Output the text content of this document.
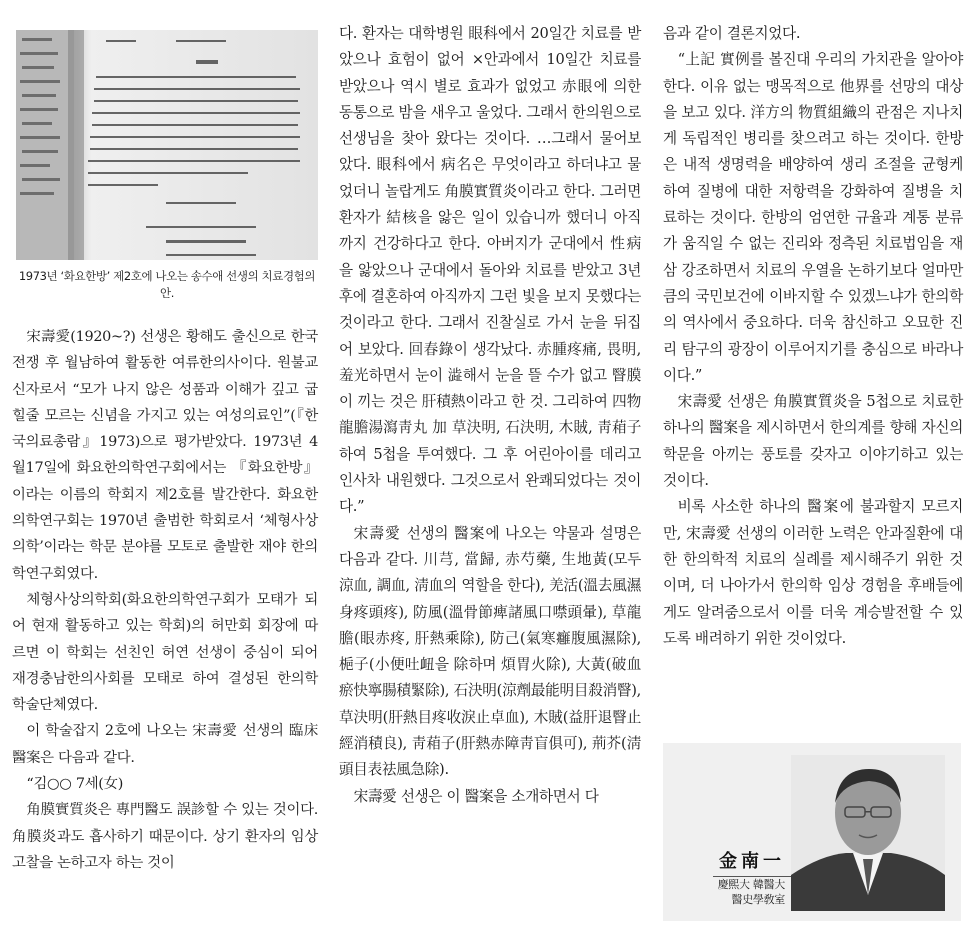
1973년 ‘화요한방’ 제2호에 나오는 송수애 선생의 치료경험의안.

宋壽愛(1920~?) 선생은 황해도 출신으로 한국전쟁 후 월남하여 활동한 여류한의사이다. 원불교 신자로서 “모가 나지 않은 성품과 이해가 깊고 굽힐줄 모르는 신념을 가지고 있는 여성의료인”(『한국의료총람』1973)으로 평가받았다. 1973년 4월17일에 화요한의학연구회에서는 『화요한방』이라는 이름의 학회지 제2호를 발간한다. 화요한의학연구회는 1970년 출범한 학회로서 ‘체형사상의학’이라는 학문 분야를 모토로 출발한 재야 한의학연구회였다.

체형사상의학회(화요한의학연구회가 모태가 되어 현재 활동하고 있는 학회)의 허만회 회장에 따르면 이 학회는 선친인 허연 선생이 중심이 되어 재경충남한의사회를 모태로 하여 결성된 한의학 학술단체였다.

이 학술잡지 2호에 나오는 宋壽愛 선생의 臨床醫案은 다음과 같다.

“김○○ 7세(女)

角膜實質炎은 專門醫도 誤診할 수 있는 것이다. 角膜炎과도 흡사하기 때문이다. 상기 환자의 임상고찰을 논하고자 하는 것이

다. 환자는 대학병원 眼科에서 20일간 치료를 받았으나 효험이 없어 ×안과에서 10일간 치료를 받았으나 역시 별로 효과가 없었고 赤眼에 의한 동통으로 밤을 새우고 울었다. 그래서 한의원으로 선생님을 찾아 왔다는 것이다. …그래서 물어보았다. 眼科에서 病名은 무엇이라고 하더냐고 물었더니 놀랍게도 角膜實質炎이라고 한다. 그러면 환자가 結核을 앓은 일이 있습니까 했더니 아직까지 건강하다고 한다. 아버지가 군대에서 性病을 앓았으나 군대에서 돌아와 치료를 받았고 3년 후에 결혼하여 아직까지 그런 빛을 보지 못했다는 것이라고 한다. 그래서 진찰실로 가서 눈을 뒤집어 보았다. 回春錄이 생각났다. 赤腫疼痛, 畏明, 羞光하면서 눈이 澁해서 눈을 뜰 수가 없고 瞖膜이 끼는 것은 肝積熱이라고 한 것. 그리하여 四物龍膽湯瀉靑丸 加 草決明, 石決明, 木賊, 靑葙子하여 5첩을 투여했다. 그 후 어린아이를 데리고 인사차 내원했다. 그것으로서 완쾌되었다는 것이다.”

宋壽愛 선생의 醫案에 나오는 약물과 설명은 다음과 같다. 川芎, 當歸, 赤芍藥, 生地黃(모두 涼血, 調血, 淸血의 역할을 한다), 羌活(溫去風濕身疼頭疼), 防風(溫骨節痺諸風口噤頭暈), 草龍膽(眼赤疼, 肝熱乘除), 防己(氣寒癰腹風濕除), 梔子(小便吐衄을 除하며 煩胃火除), 大黃(破血瘀快寧腸積緊除), 石決明(涼劑最能明目殺消瞖), 草決明(肝熱目疼收淚止卓血), 木賊(益肝退瞖止經消積良), 靑葙子(肝熱赤障靑盲俱可), 荊芥(淸頭目表祛風急除).

宋壽愛 선생은 이 醫案을 소개하면서 다

음과 같이 결론지었다.

“上記 實例를 볼진대 우리의 가치관을 알아야 한다. 이유 없는 맹목적으로 他界를 선망의 대상을 보고 있다. 洋方의 物質組織의 관점은 지나치게 독립적인 병리를 찾으려고 하는 것이다. 한방은 내적 생명력을 배양하여 생리 조절을 균형케 하여 질병에 대한 저항력을 강화하여 질병을 치료하는 것이다. 한방의 엄연한 규율과 계통 분류가 움직일 수 없는 진리와 정측된 치료법임을 재삼 강조하면서 치료의 우열을 논하기보다 얼마만큼의 국민보건에 이바지할 수 있겠느냐가 한의학의 역사에서 중요하다. 더욱 참신하고 오묘한 진리 탐구의 광장이 이루어지기를 충심으로 바라나이다.”

宋壽愛 선생은 角膜實質炎을 5첩으로 치료한 하나의 醫案을 제시하면서 한의계를 향해 자신의 학문을 아끼는 풍토를 갖자고 이야기하고 있는 것이다.

비록 사소한 하나의 醫案에 불과할지 모르지만, 宋壽愛 선생의 이러한 노력은 안과질환에 대한 한의학적 치료의 실례를 제시해주기 위한 것이며, 더 나아가서 한의학 임상 경험을 후배들에게도 알려줌으로서 이를 더욱 계승발전할 수 있도록 배려하기 위한 것이었다.

金南一
慶熙大 韓醫大
醫史學敎室
